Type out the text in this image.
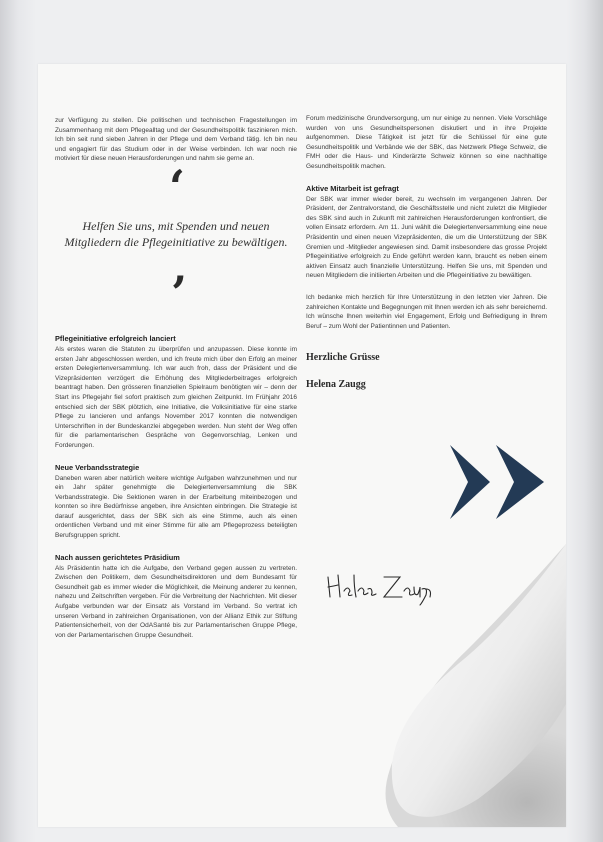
zur Verfügung zu stellen. Die politischen und technischen Fragestellungen im Zusammenhang mit dem Pflegealltag und der Gesundheitspolitik faszinieren mich. Ich bin seit rund sieben Jahren in der Pflege und dem Verband tätig. Ich bin neu und engagiert für das Studium oder in der Weise verbinden. Ich war noch nie motiviert für diese neuen Herausforderungen und nahm sie gerne an.

‘
Helfen Sie uns, mit Spenden und neuen Mitgliedern die Pflegeinitiative zu bewältigen.
’
Pflegeinitiative erfolgreich lanciert

Als erstes waren die Statuten zu überprüfen und anzupassen. Diese konnte im ersten Jahr abgeschlossen werden, und ich freute mich über den Erfolg an meiner ersten Delegiertenversammlung. Ich war auch froh, dass der Präsident und die Vizepräsidenten verzögert die Erhöhung des Mitgliederbeitrages erfolgreich beantragt haben. Den grösseren finanziellen Spielraum benötigten wir – denn der Start ins Pflegejahr fiel sofort praktisch zum gleichen Zeitpunkt. Im Frühjahr 2016 entschied sich der SBK plötzlich, eine Initiative, die Volksinitiative für eine starke Pflege zu lancieren und anfangs November 2017 konnten die notwendigen Unterschriften in der Bundeskanzlei abgegeben werden. Nun steht der Weg offen für die parlamentarischen Gespräche von Gegenvorschlag, Lenken und Forderungen.

Neue Verbandsstrategie

Daneben waren aber natürlich weitere wichtige Aufgaben wahrzunehmen und nur ein Jahr später genehmigte die Delegiertenversammlung die SBK Verbandsstrategie. Die Sektionen waren in der Erarbeitung miteinbezogen und konnten so ihre Bedürfnisse angeben, ihre Ansichten einbringen. Die Strategie ist darauf ausgerichtet, dass der SBK sich als eine Stimme, auch als einen ordentlichen Verband und mit einer Stimme für alle am Pflegeprozess beteiligten Berufsgruppen spricht.

Nach aussen gerichtetes Präsidium

Als Präsidentin hatte ich die Aufgabe, den Verband gegen aussen zu vertreten. Zwischen den Politikern, dem Gesundheitsdirektoren und dem Bundesamt für Gesundheit gab es immer wieder die Möglichkeit, die Meinung anderer zu kennen, nahezu und Zeitschriften vergeben. Für die Verbreitung der Nachrichten. Mit dieser Aufgabe verbunden war der Einsatz als Vorstand im Verband. So vertrat ich unseren Verband in zahlreichen Organisationen, von der Allianz Ethik zur Stiftung Patientensicherheit, von der OdASanté bis zur Parlamentarischen Gruppe Pflege, von der Parlamentarischen Gruppe Gesundheit.

Forum medizinische Grundversorgung, um nur einige zu nennen. Viele Vorschläge wurden von uns Gesundheitspersonen diskutiert und in ihre Projekte aufgenommen. Diese Tätigkeit ist jetzt für die Schlüssel für eine gute Gesundheitspolitik und Verbände wie der SBK, das Netzwerk Pflege Schweiz, die FMH oder die Haus- und Kinderärzte Schweiz können so eine nachhaltige Gesundheitspolitik machen.

Aktive Mitarbeit ist gefragt

Der SBK war immer wieder bereit, zu wechseln im vergangenen Jahren. Der Präsident, der Zentralvorstand, die Geschäftsstelle und nicht zuletzt die Mitglieder des SBK sind auch in Zukunft mit zahlreichen Herausforderungen konfrontiert, die vollen Einsatz erfordern. Am 11. Juni wählt die Delegiertenversammlung eine neue Präsidentin und einen neuen Vizepräsidenten, die um die Unterstützung der SBK Gremien und -Mitglieder angewiesen sind. Damit insbesondere das grosse Projekt Pflegeinitiative erfolgreich zu Ende geführt werden kann, braucht es neben einem aktiven Einsatz auch finanzielle Unterstützung. Helfen Sie uns, mit Spenden und neuen Mitgliedern die initiierten Arbeiten und die Pflegeinitiative zu bewältigen.

Ich bedanke mich herzlich für Ihre Unterstützung in den letzten vier Jahren. Die zahlreichen Kontakte und Begegnungen mit Ihnen werden ich als sehr bereichernd. Ich wünsche Ihnen weiterhin viel Engagement, Erfolg und Befriedigung in Ihrem Beruf – zum Wohl der Patientinnen und Patienten.

Herzliche Grüsse
Helena Zaugg
